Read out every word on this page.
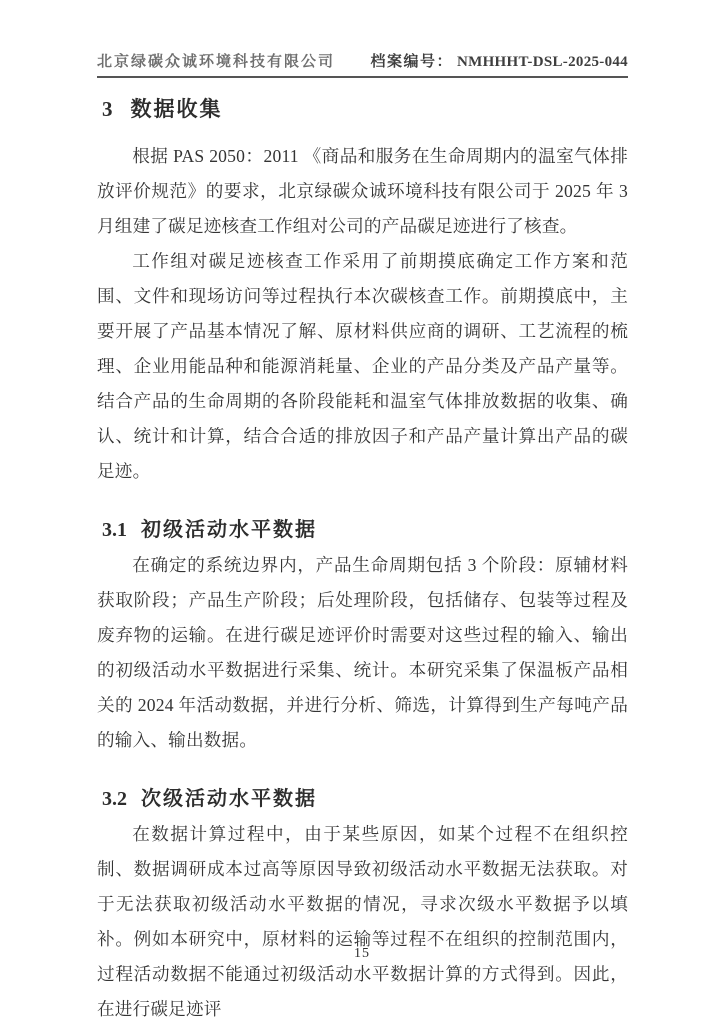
北京绿碳众诚环境科技有限公司 档案编号： NMHHHT-DSL-2025-044
3 数据收集

根据 PAS 2050：2011 《商品和服务在生命周期内的温室气体排放评价规范》的要求，北京绿碳众诚环境科技有限公司于 2025 年 3 月组建了碳足迹核查工作组对公司的产品碳足迹进行了核查。

工作组对碳足迹核查工作采用了前期摸底确定工作方案和范围、文件和现场访问等过程执行本次碳核查工作。前期摸底中，主要开展了产品基本情况了解、原材料供应商的调研、工艺流程的梳理、企业用能品种和能源消耗量、企业的产品分类及产品产量等。结合产品的生命周期的各阶段能耗和温室气体排放数据的收集、确认、统计和计算，结合合适的排放因子和产品产量计算出产品的碳足迹。

3.1 初级活动水平数据

在确定的系统边界内，产品生命周期包括 3 个阶段：原辅材料获取阶段；产品生产阶段；后处理阶段，包括储存、包装等过程及废弃物的运输。在进行碳足迹评价时需要对这些过程的输入、输出的初级活动水平数据进行采集、统计。本研究采集了保温板产品相关的 2024 年活动数据，并进行分析、筛选，计算得到生产每吨产品的输入、输出数据。

3.2 次级活动水平数据

在数据计算过程中，由于某些原因，如某个过程不在组织控制、数据调研成本过高等原因导致初级活动水平数据无法获取。对于无法获取初级活动水平数据的情况，寻求次级水平数据予以填补。例如本研究中，原材料的运输等过程不在组织的控制范围内，过程活动数据不能通过初级活动水平数据计算的方式得到。因此，在进行碳足迹评

15
